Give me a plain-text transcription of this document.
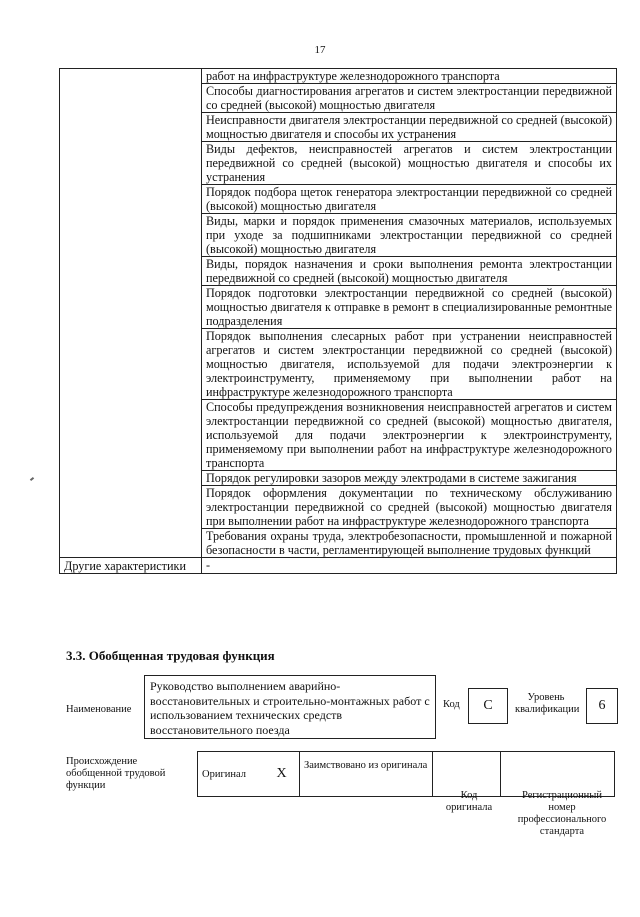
17
	работ на инфраструктуре железнодорожного транспорта
	Способы диагностирования агрегатов и систем электростанции передвижной со средней (высокой) мощностью двигателя
	Неисправности двигателя электростанции передвижной со средней (высокой) мощностью двигателя и способы их устранения
	Виды дефектов, неисправностей агрегатов и систем электростанции передвижной со средней (высокой) мощностью двигателя и способы их устранения
	Порядок подбора щеток генератора электростанции передвижной со средней (высокой) мощностью двигателя
	Виды, марки и порядок применения смазочных материалов, используемых при уходе за подшипниками электростанции передвижной со средней (высокой) мощностью двигателя
	Виды, порядок назначения и сроки выполнения ремонта электростанции передвижной со средней (высокой) мощностью двигателя
	Порядок подготовки электростанции передвижной со средней (высокой) мощностью двигателя к отправке в ремонт в специализированные ремонтные подразделения
	Порядок выполнения слесарных работ при устранении неисправностей агрегатов и систем электростанции передвижной со средней (высокой) мощностью двигателя, используемой для подачи электроэнергии к электроинструменту, применяемому при выполнении работ на инфраструктуре железнодорожного транспорта
	Способы предупреждения возникновения неисправностей агрегатов и систем электростанции передвижной со средней (высокой) мощностью двигателя, используемой для подачи электроэнергии к электроинструменту, применяемому при выполнении работ на инфраструктуре железнодорожного транспорта
	Порядок регулировки зазоров между электродами в системе зажигания
	Порядок оформления документации по техническому обслуживанию электростанции передвижной со средней (высокой) мощностью двигателя при выполнении работ на инфраструктуре железнодорожного транспорта
	Требования охраны труда, электробезопасности, промышленной и пожарной безопасности в части, регламентирующей выполнение трудовых функций
Другие характеристики	-
3.3. Обобщенная трудовая функция
Наименование
Руководство выполнением аварийно-восстановительных и строительно-монтажных работ с использованием технических средств восстановительного поезда
Код	C
Уровень квалификации	6
Происхождение обобщенной трудовой функции
Оригинал	X	Заимствовано из оригинала		
Код оригинала
Регистрационный номер профессионального стандарта
